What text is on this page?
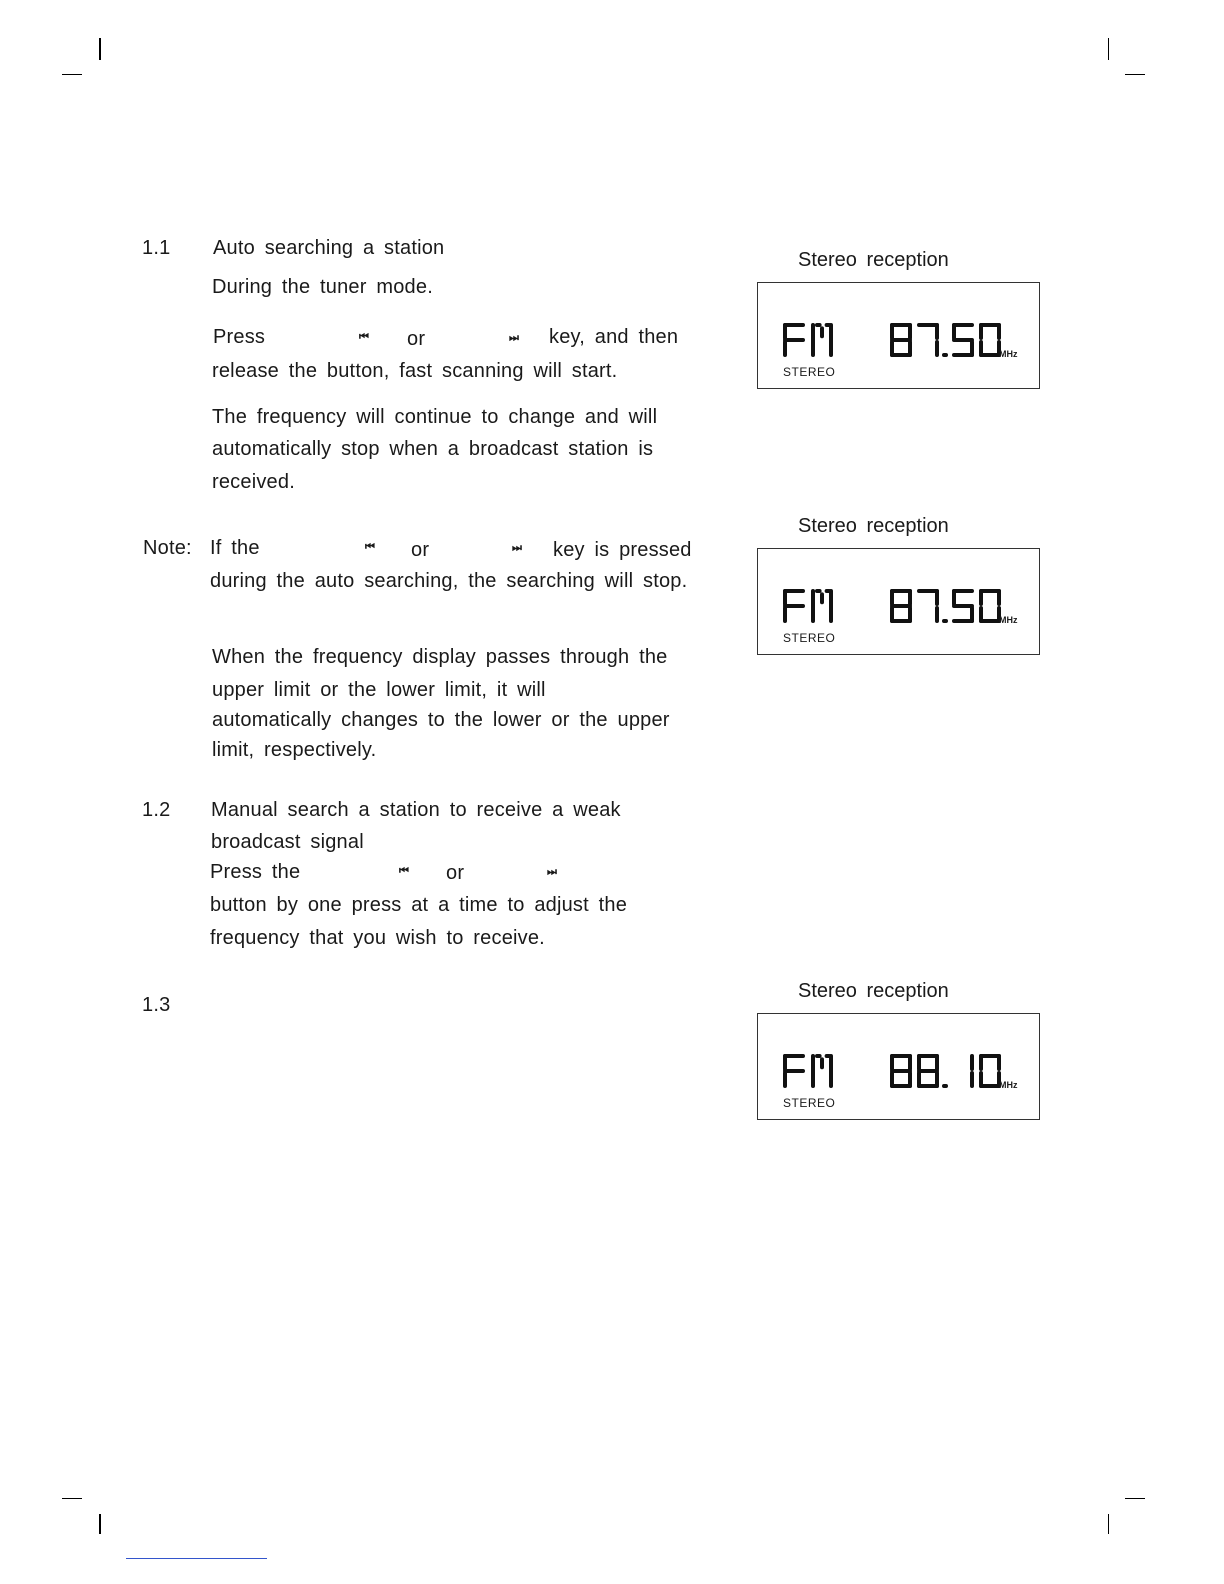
1.1 Auto searching a station
During the tuner mode.
Press	⏮ or	⏭ key, and then
release the button, fast scanning will start.
The frequency will continue to change and will
automatically stop when a broadcast station is
received.
Note: If the	⏮ or	⏭ key is pressed
during the auto searching, the searching will stop.
When the frequency display passes through the
upper limit or the lower limit, it will
automatically changes to the lower or the upper
limit, respectively.
1.2 Manual search a station to receive a weak
broadcast signal
Press the	⏮ or	⏭
button by one press at a time to adjust the
frequency that you wish to receive.
1.3
Stereo reception
MHz
STEREO
Stereo reception
MHz
STEREO
Stereo reception
MHz
STEREO
